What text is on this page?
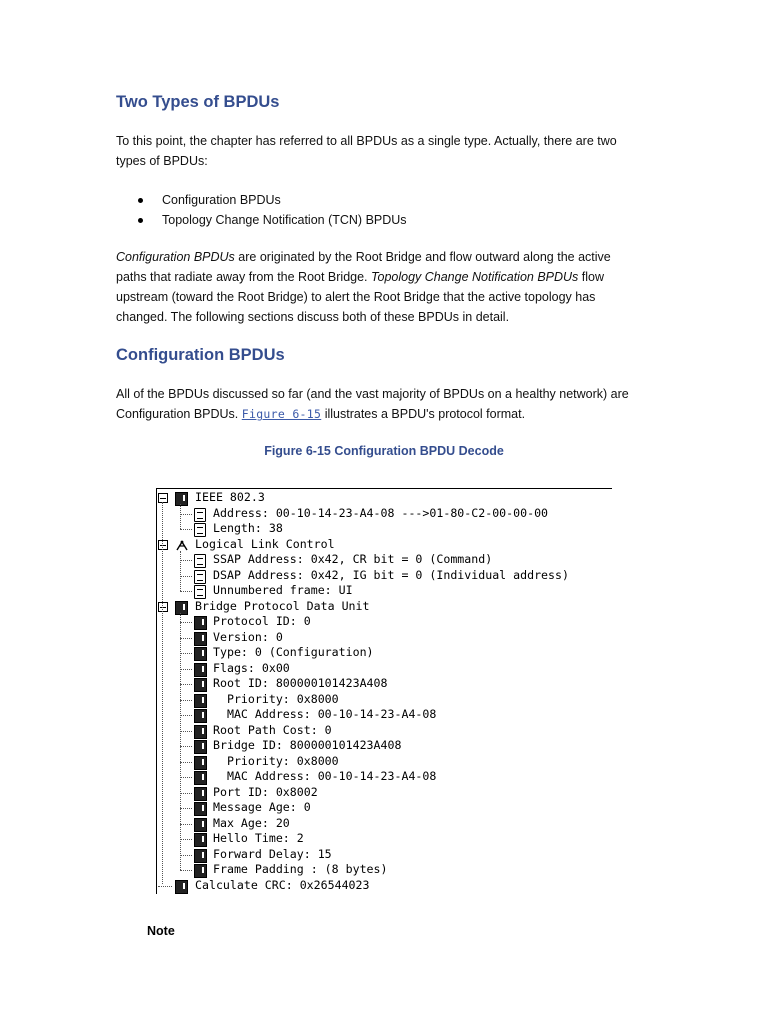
Two Types of BPDUs

To this point, the chapter has referred to all BPDUs as a single type. Actually, there are two
types of BPDUs:

Configuration BPDUs
Topology Change Notification (TCN) BPDUs

Configuration BPDUs are originated by the Root Bridge and flow outward along the active
paths that radiate away from the Root Bridge. Topology Change Notification BPDUs flow
upstream (toward the Root Bridge) to alert the Root Bridge that the active topology has
changed. The following sections discuss both of these BPDUs in detail.

Configuration BPDUs

All of the BPDUs discussed so far (and the vast majority of BPDUs on a healthy network) are
Configuration BPDUs. Figure 6-15 illustrates a BPDU's protocol format.

Figure 6-15 Configuration BPDU Decode
IEEE 802.3
Address: 00-10-14-23-A4-08 --->01-80-C2-00-00-00
Length: 38
Logical Link Control
SSAP Address: 0x42, CR bit = 0 (Command)
DSAP Address: 0x42, IG bit = 0 (Individual address)
Unnumbered frame: UI
Bridge Protocol Data Unit
Protocol ID: 0
Version: 0
Type: 0 (Configuration)
Flags: 0x00
Root ID: 800000101423A408
Priority: 0x8000
MAC Address: 00-10-14-23-A4-08
Root Path Cost: 0
Bridge ID: 800000101423A408
Priority: 0x8000
MAC Address: 00-10-14-23-A4-08
Port ID: 0x8002
Message Age: 0
Max Age: 20
Hello Time: 2
Forward Delay: 15
Frame Padding : (8 bytes)
Calculate CRC: 0x26544023
Note
